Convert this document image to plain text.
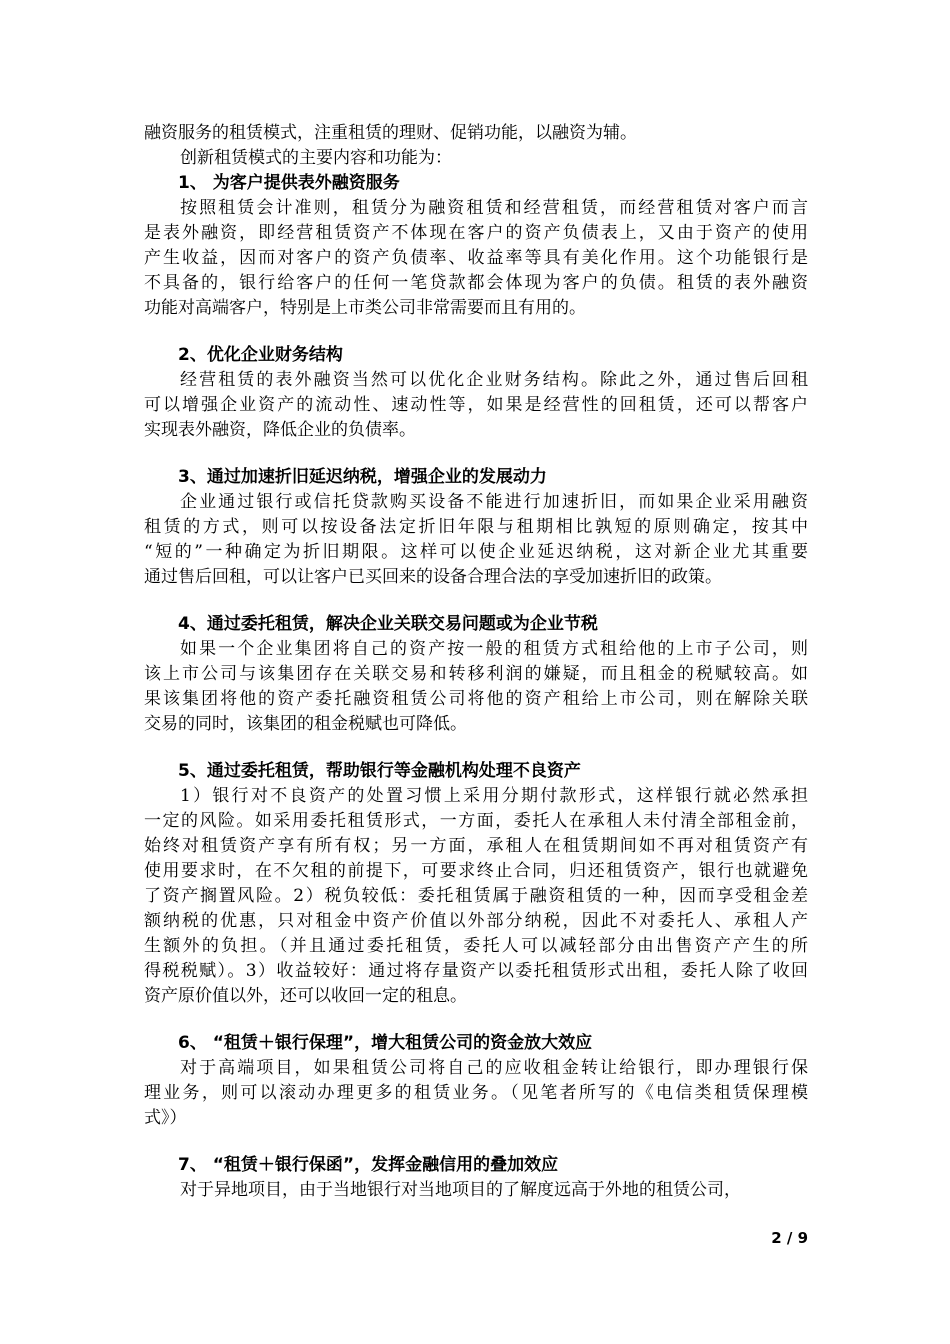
融资服务的租赁模式，注重租赁的理财、促销功能，以融资为辅。
创新租赁模式的主要内容和功能为：
1、 为客户提供表外融资服务
按照租赁会计准则，租赁分为融资租赁和经营租赁，而经营租赁对客户而言
是表外融资，即经营租赁资产不体现在客户的资产负债表上，又由于资产的使用
产生收益，因而对客户的资产负债率、收益率等具有美化作用。这个功能银行是
不具备的，银行给客户的任何一笔贷款都会体现为客户的负债。租赁的表外融资
功能对高端客户，特别是上市类公司非常需要而且有用的。
2、优化企业财务结构
经营租赁的表外融资当然可以优化企业财务结构。除此之外，通过售后回租
可以增强企业资产的流动性、速动性等，如果是经营性的回租赁，还可以帮客户
实现表外融资，降低企业的负债率。
3、通过加速折旧延迟纳税，增强企业的发展动力
企业通过银行或信托贷款购买设备不能进行加速折旧，而如果企业采用融资
租赁的方式，则可以按设备法定折旧年限与租期相比孰短的原则确定，按其中
“短的”一种确定为折旧期限。这样可以使企业延迟纳税，这对新企业尤其重要
通过售后回租，可以让客户已买回来的设备合理合法的享受加速折旧的政策。
4、通过委托租赁，解决企业关联交易问题或为企业节税
如果一个企业集团将自己的资产按一般的租赁方式租给他的上市子公司，则
该上市公司与该集团存在关联交易和转移利润的嫌疑，而且租金的税赋较高。如
果该集团将他的资产委托融资租赁公司将他的资产租给上市公司，则在解除关联
交易的同时，该集团的租金税赋也可降低。
5、通过委托租赁，帮助银行等金融机构处理不良资产
1）银行对不良资产的处置习惯上采用分期付款形式，这样银行就必然承担
一定的风险。如采用委托租赁形式，一方面，委托人在承租人未付清全部租金前，
始终对租赁资产享有所有权；另一方面，承租人在租赁期间如不再对租赁资产有
使用要求时，在不欠租的前提下，可要求终止合同，归还租赁资产，银行也就避免
了资产搁置风险。2）税负较低：委托租赁属于融资租赁的一种，因而享受租金差
额纳税的优惠，只对租金中资产价值以外部分纳税，因此不对委托人、承租人产
生额外的负担。（并且通过委托租赁，委托人可以减轻部分由出售资产产生的所
得税税赋）。3）收益较好：通过将存量资产以委托租赁形式出租，委托人除了收回
资产原价值以外，还可以收回一定的租息。
6、 “租赁＋银行保理”，增大租赁公司的资金放大效应
对于高端项目，如果租赁公司将自己的应收租金转让给银行，即办理银行保
理业务，则可以滚动办理更多的租赁业务。（见笔者所写的《电信类租赁保理模
式》）
7、 “租赁＋银行保函”，发挥金融信用的叠加效应
对于异地项目，由于当地银行对当地项目的了解度远高于外地的租赁公司，
2 / 9
